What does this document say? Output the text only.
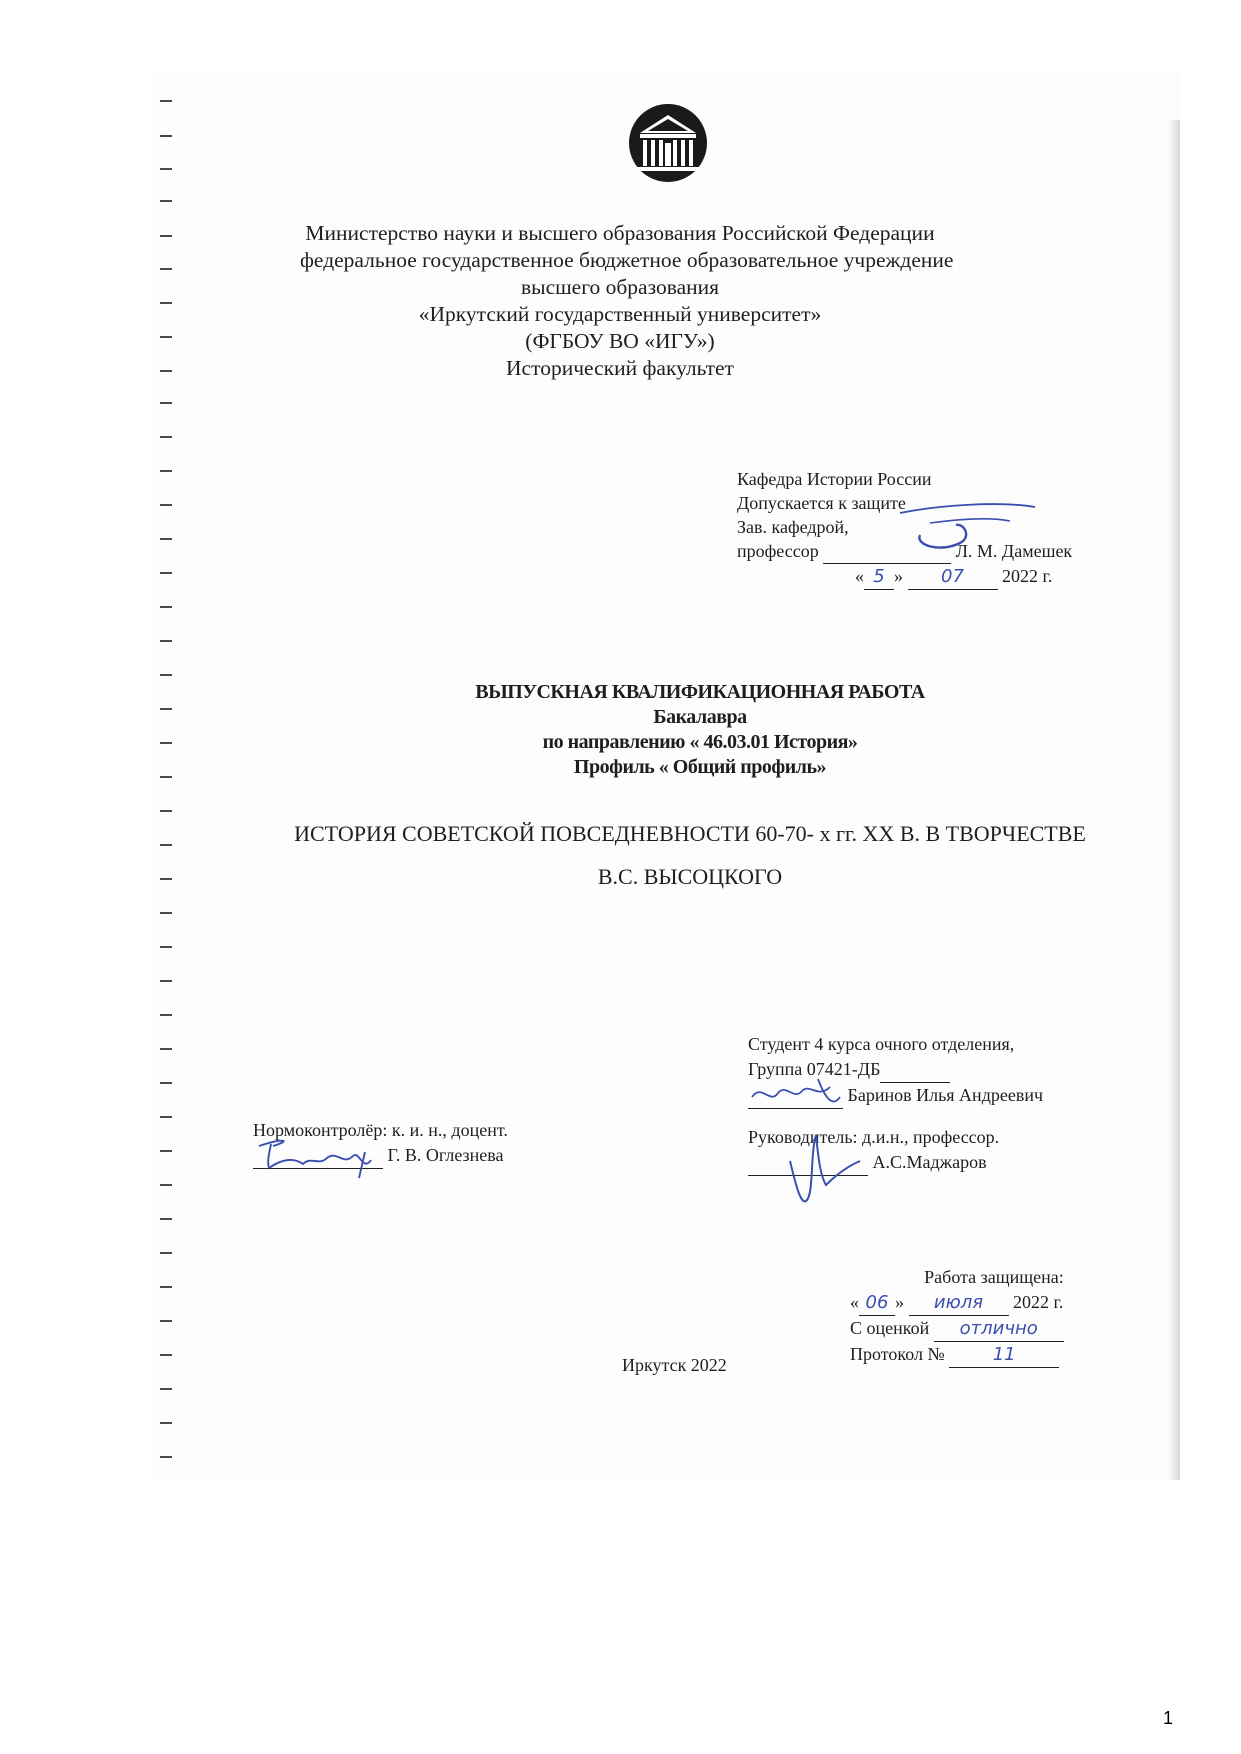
Министерство науки и высшего образования Российской Федерации
федеральное государственное бюджетное образовательное учреждение
высшего образования
«Иркутский государственный университет»
(ФГБОУ ВО «ИГУ»)
Исторический факультет
Кафедра Истории России
Допускается к защите
Зав. кафедрой,
профессор	Л. М. Дамешек
« 5 » 07 2022 г.
ВЫПУСКНАЯ КВАЛИФИКАЦИОННАЯ РАБОТА
Бакалавра
по направлению « 46.03.01 История»
Профиль « Общий профиль»
ИСТОРИЯ СОВЕТСКОЙ ПОВСЕДНЕВНОСТИ 60-70- х гг. XX В. В ТВОРЧЕСТВЕ
В.С. ВЫСОЦКОГО
Студент 4 курса очного отделения,
Группа 07421-ДБ
Баринов Илья Андреевич
Нормоконтролёр: к. и. н., доцент.
Г. В. Оглезнева
Руководитель: д.и.н., профессор.
А.С.Маджаров
Работа защищена:
« 06 » июля 2022 г.
С оценкой отлично
Протокол №	11
Иркутск 2022
1
